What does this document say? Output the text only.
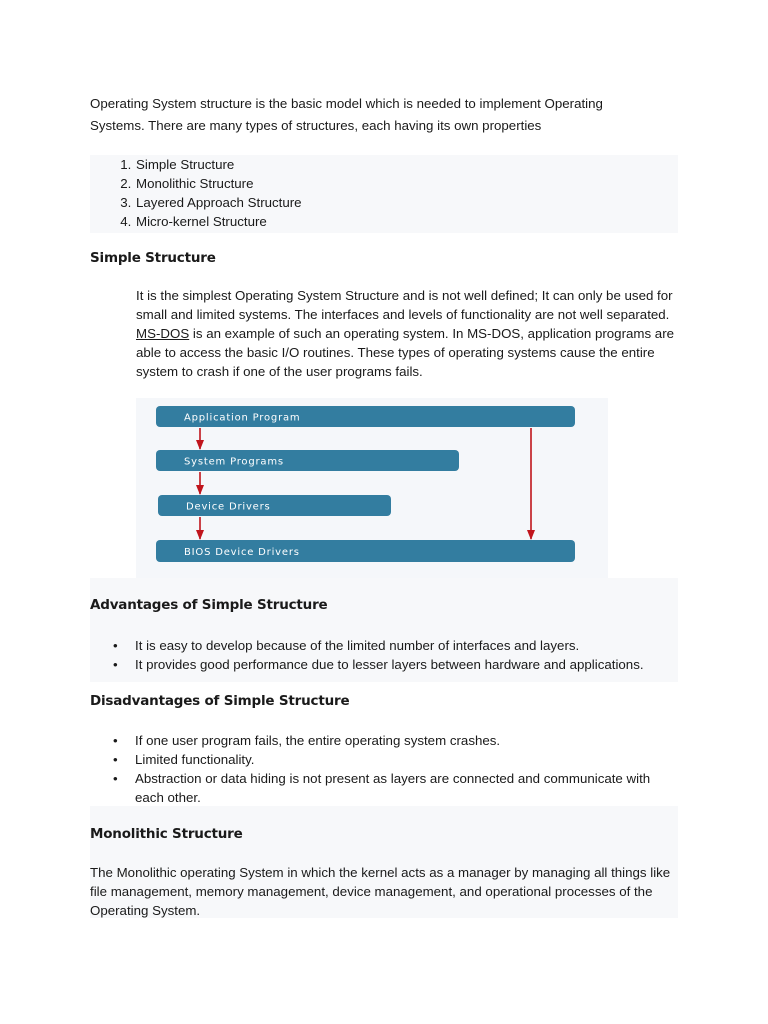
Operating System structure is the basic model which is needed to implement Operating Systems. There are many types of structures, each having its own properties

1. Simple Structure
2. Monolithic Structure
3. Layered Approach Structure
4. Micro-kernel Structure
Simple Structure

It is the simplest Operating System Structure and is not well defined; It can only be used for small and limited systems. The interfaces and levels of functionality are not well separated. MS-DOS is an example of such an operating system. In MS-DOS, application programs are able to access the basic I/O routines. These types of operating systems cause the entire system to crash if one of the user programs fails.

Application Program
System Programs
Device Drivers
BIOS Device Drivers
Advantages of Simple Structure
• It is easy to develop because of the limited number of interfaces and layers.
• It provides good performance due to lesser layers between hardware and applications.
Disadvantages of Simple Structure
• If one user program fails, the entire operating system crashes.
• Limited functionality.
• Abstraction or data hiding is not present as layers are connected and communicate with each other.
Monolithic Structure

The Monolithic operating System in which the kernel acts as a manager by managing all things like file management, memory management, device management, and operational processes of the Operating System.
